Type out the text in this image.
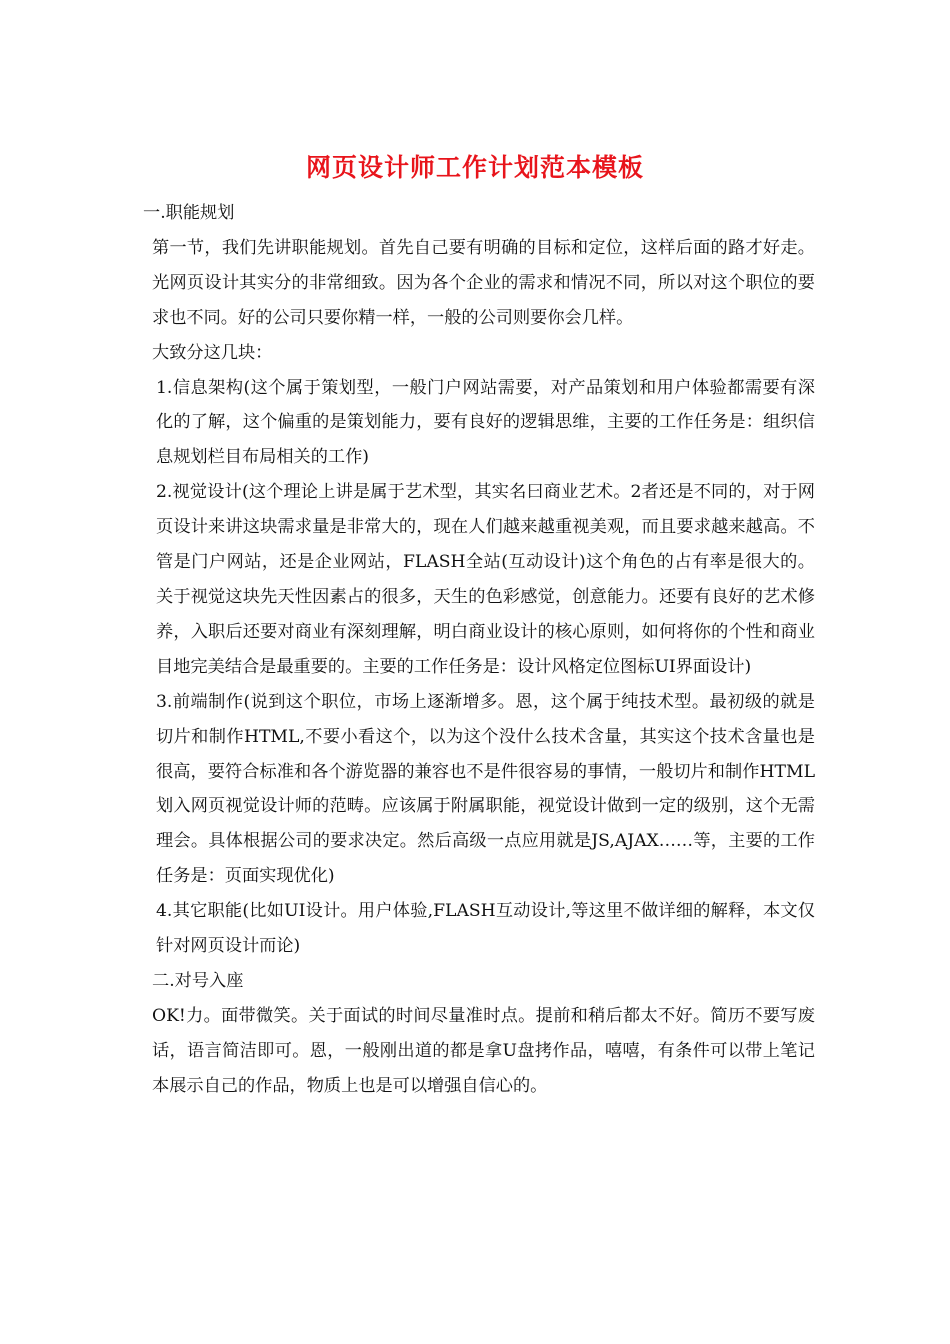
网页设计师工作计划范本模板

一.职能规划

第一节，我们先讲职能规划。首先自己要有明确的目标和定位，这样后面的路才好走。光网页设计其实分的非常细致。因为各个企业的需求和情况不同，所以对这个职位的要求也不同。好的公司只要你精一样，一般的公司则要你会几样。

大致分这几块：

1.信息架构(这个属于策划型，一般门户网站需要，对产品策划和用户体验都需要有深化的了解，这个偏重的是策划能力，要有良好的逻辑思维，主要的工作任务是：组织信息规划栏目布局相关的工作)

2.视觉设计(这个理论上讲是属于艺术型，其实名曰商业艺术。2者还是不同的，对于网页设计来讲这块需求量是非常大的，现在人们越来越重视美观，而且要求越来越高。不管是门户网站，还是企业网站，FLASH全站(互动设计)这个角色的占有率是很大的。关于视觉这块先天性因素占的很多，天生的色彩感觉，创意能力。还要有良好的艺术修养，入职后还要对商业有深刻理解，明白商业设计的核心原则，如何将你的个性和商业目地完美结合是最重要的。主要的工作任务是：设计风格定位图标UI界面设计)

3.前端制作(说到这个职位，市场上逐渐增多。恩，这个属于纯技术型。最初级的就是切片和制作HTML,不要小看这个，以为这个没什么技术含量，其实这个技术含量也是很高，要符合标准和各个游览器的兼容也不是件很容易的事情，一般切片和制作HTML划入网页视觉设计师的范畴。应该属于附属职能，视觉设计做到一定的级别，这个无需理会。具体根据公司的要求决定。然后高级一点应用就是JS,AJAX……等，主要的工作任务是：页面实现优化)

4.其它职能(比如UI设计。用户体验,FLASH互动设计,等这里不做详细的解释，本文仅针对网页设计而论)

二.对号入座

OK!力。面带微笑。关于面试的时间尽量准时点。提前和稍后都太不好。简历不要写废话，语言简洁即可。恩，一般刚出道的都是拿U盘拷作品，嘻嘻，有条件可以带上笔记本展示自己的作品，物质上也是可以增强自信心的。
